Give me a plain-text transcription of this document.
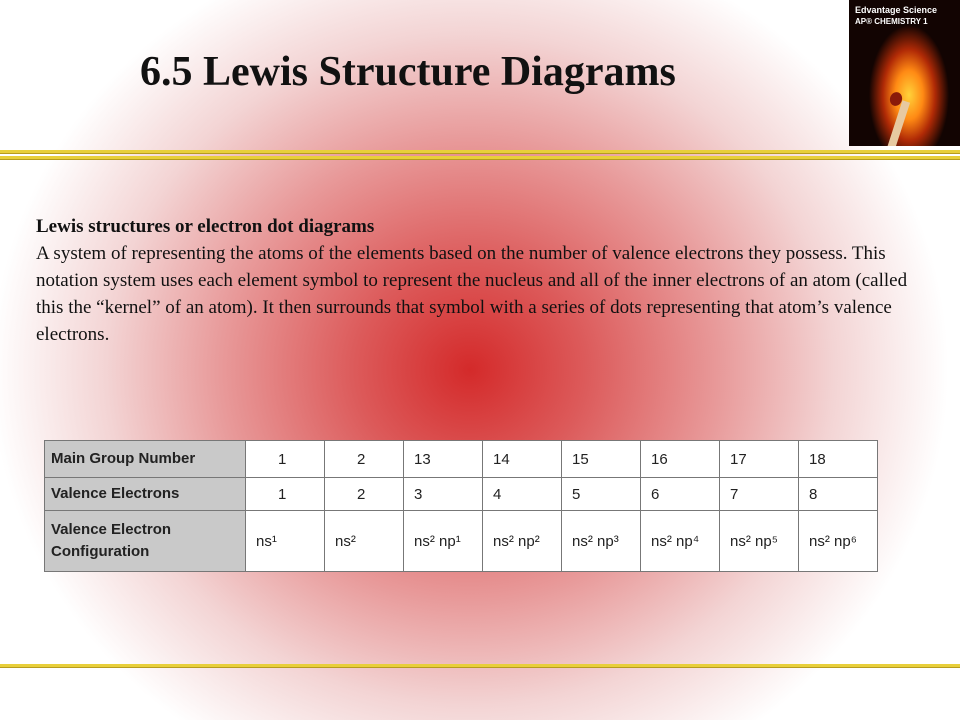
6.5 Lewis Structure Diagrams
Edvantage Science
AP® CHEMISTRY 1
Lewis structures or electron dot diagrams
A system of representing the atoms of the elements based on the number of valence electrons they possess. This notation system uses each element symbol to represent the nucleus and all of the inner electrons of an atom (called this the “kernel” of an atom). It then surrounds that symbol with a series of dots representing that atom’s valence electrons.
Main Group Number	1	2	13	14	15	16	17	18
Valence Electrons	1	2	3	4	5	6	7	8
Valence Electron Configuration	ns¹	ns²	ns² np¹	ns² np²	ns² np³	ns² np⁴	ns² np⁵	ns² np⁶
